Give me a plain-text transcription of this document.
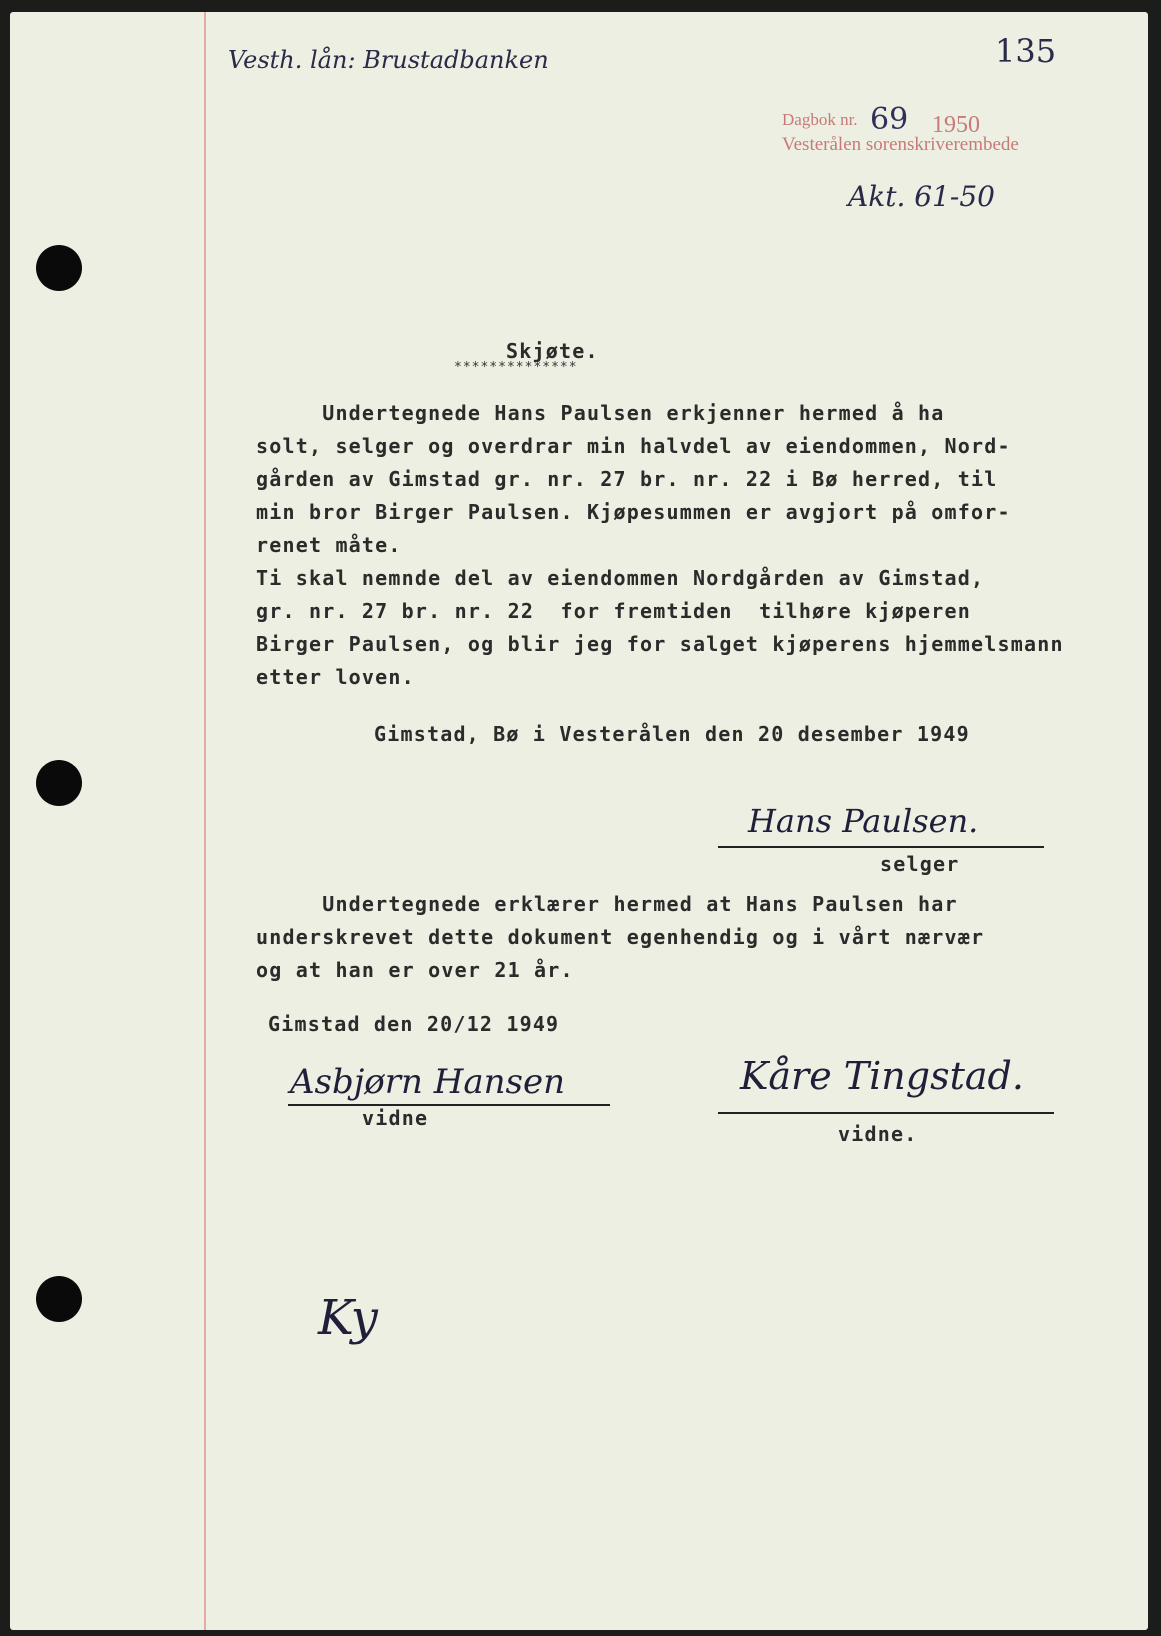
Vesth. lån: Brustadbanken	135
Dagbok nr. 69 1950
Vesterålen sorenskriverembede
Akt. 61-50
Skjøte.
**************
Undertegnede Hans Paulsen erkjenner hermed å ha
solt, selger og overdrar min halvdel av eiendommen, Nord-
gården av Gimstad gr. nr. 27 br. nr. 22 i Bø herred, til
min bror Birger Paulsen. Kjøpesummen er avgjort på omfor-
renet måte.
Ti skal nemnde del av eiendommen Nordgården av Gimstad,
gr. nr. 27 br. nr. 22  for fremtiden  tilhøre kjøperen
Birger Paulsen, og blir jeg for salget kjøperens hjemmelsmann
etter loven.
Gimstad, Bø i Vesterålen den 20 desember 1949
Hans Paulsen.
selger
Undertegnede erklærer hermed at Hans Paulsen har
underskrevet dette dokument egenhendig og i vårt nærvær
og at han er over 21 år.
Gimstad den 20/12 1949
Asbjørn Hansen
vidne
Kåre Tingstad.
vidne.
Ky
